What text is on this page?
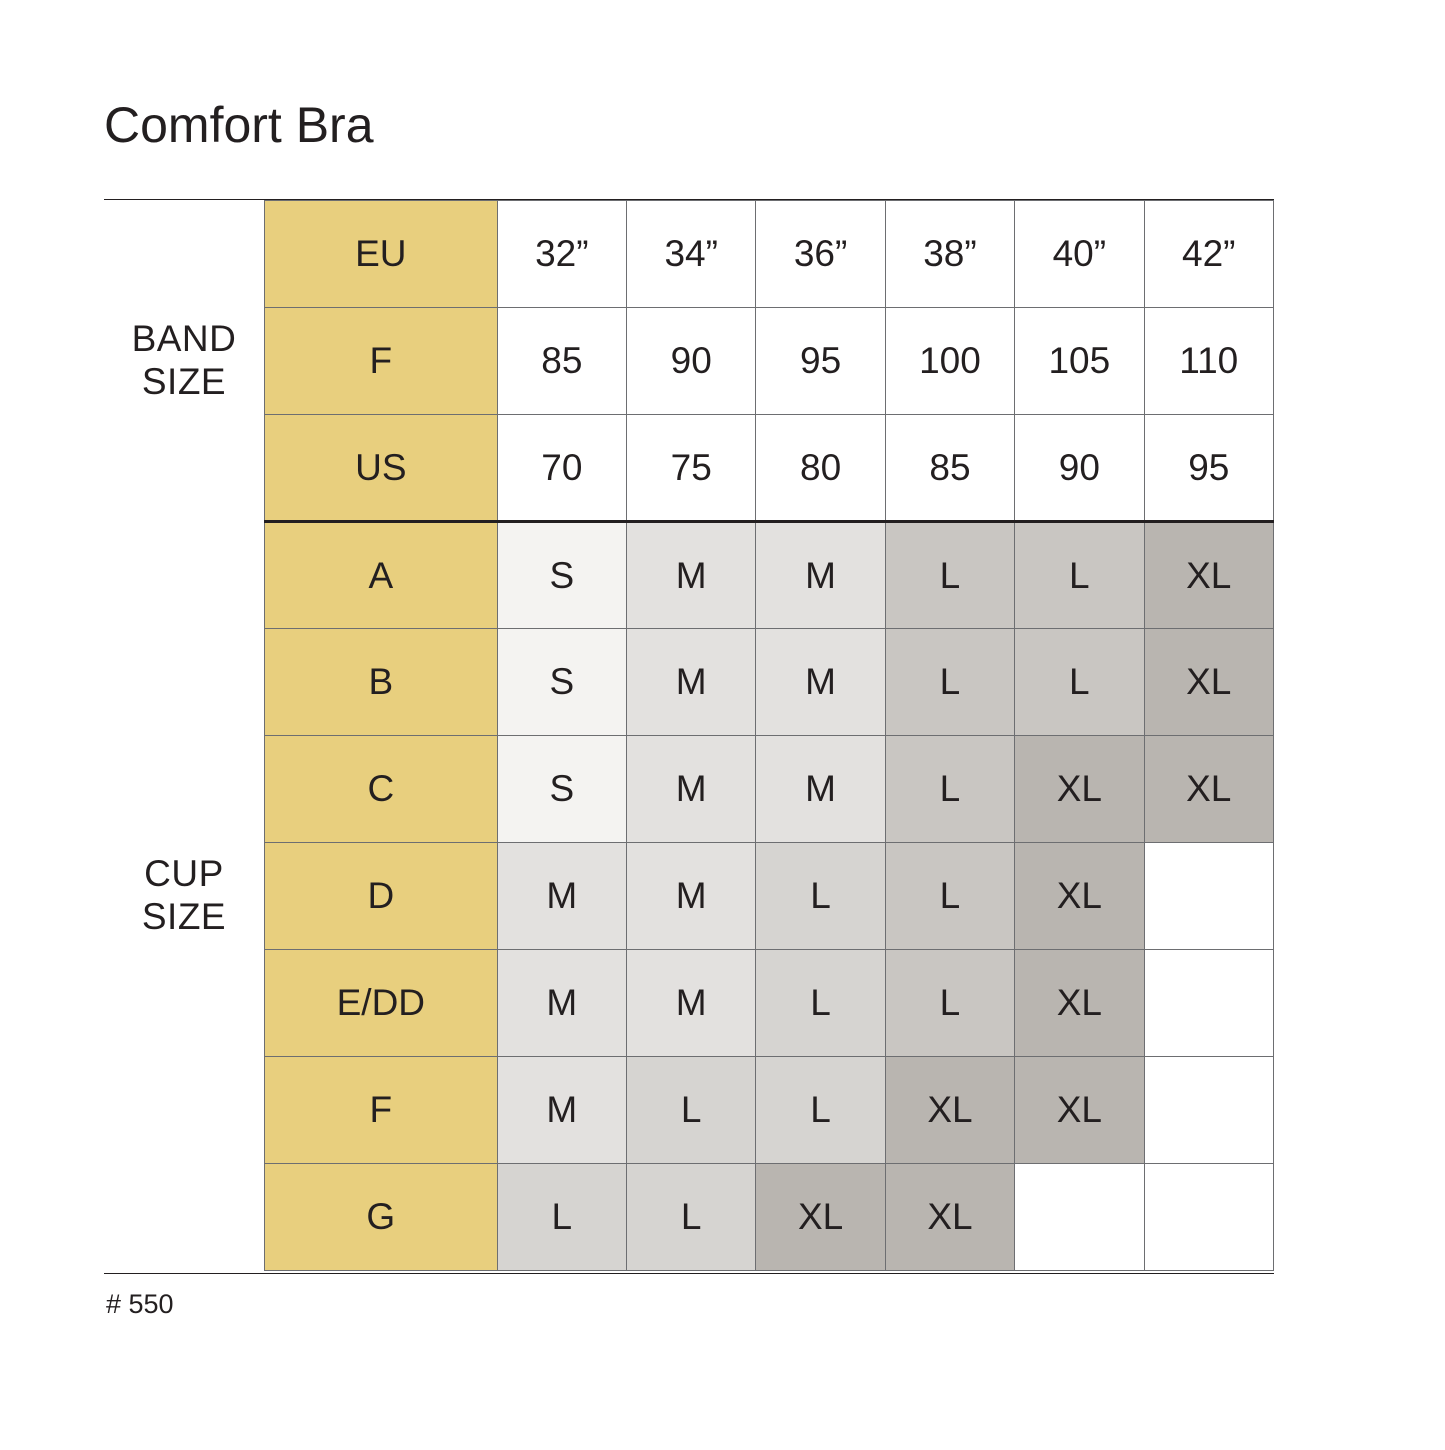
Comfort Bra
BAND SIZE	EU	32”	34”	36”	38”	40”	42”
	F	85	90	95	100	105	110
	US	70	75	80	85	90	95
CUP SIZE	A	S	M	M	L	L	XL
	B	S	M	M	L	L	XL
	C	S	M	M	L	XL	XL
	D	M	M	L	L	XL	
	E/DD	M	M	L	L	XL	
	F	M	L	L	XL	XL	
	G	L	L	XL	XL		
# 550
